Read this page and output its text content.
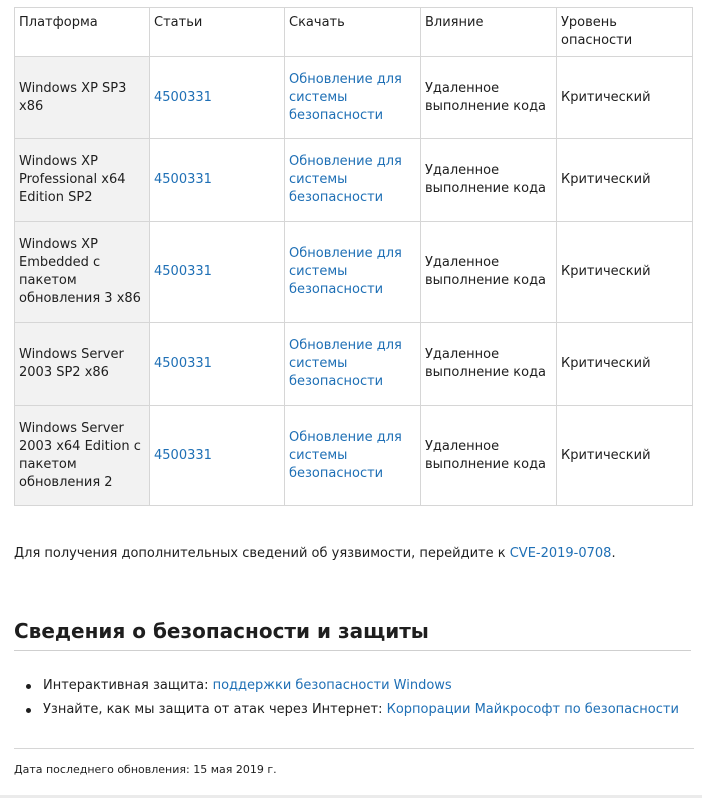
Платформа	Статьи	Скачать	Влияние	Уровень опасности
Windows XP SP3 x86	4500331	Обновление для системы безопасности	Удаленное выполнение кода	Критический
Windows XP Professional x64 Edition SP2	4500331	Обновление для системы безопасности	Удаленное выполнение кода	Критический
Windows XP Embedded с пакетом обновления 3 x86	4500331	Обновление для системы безопасности	Удаленное выполнение кода	Критический
Windows Server 2003 SP2 x86	4500331	Обновление для системы безопасности	Удаленное выполнение кода	Критический
Windows Server 2003 x64 Edition с пакетом обновления 2	4500331	Обновление для системы безопасности	Удаленное выполнение кода	Критический

Для получения дополнительных сведений об уязвимости, перейдите к CVE-2019-0708.

Сведения о безопасности и защиты
Интерактивная защита: поддержки безопасности Windows
Узнайте, как мы защита от атак через Интернет: Корпорации Майкрософт по безопасности
Дата последнего обновления: 15 мая 2019 г.
